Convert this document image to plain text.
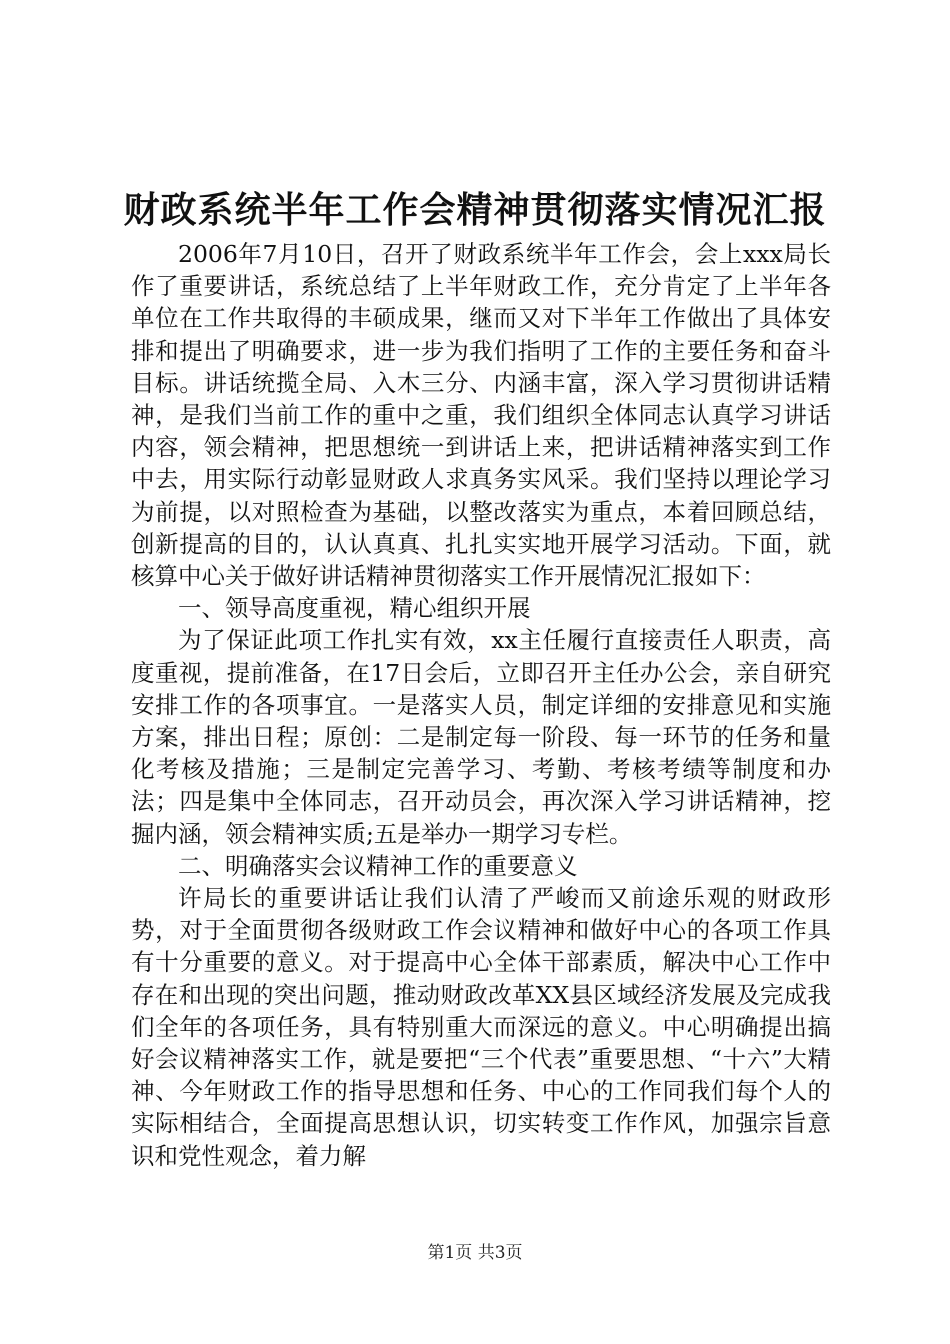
财政系统半年工作会精神贯彻落实情况汇报

2006年7月10日，召开了财政系统半年工作会，会上xxx局长作了重要讲话，系统总结了上半年财政工作，充分肯定了上半年各单位在工作共取得的丰硕成果，继而又对下半年工作做出了具体安排和提出了明确要求，进一步为我们指明了工作的主要任务和奋斗目标。讲话统揽全局、入木三分、内涵丰富，深入学习贯彻讲话精神，是我们当前工作的重中之重，我们组织全体同志认真学习讲话内容，领会精神，把思想统一到讲话上来，把讲话精神落实到工作中去，用实际行动彰显财政人求真务实风采。我们坚持以理论学习为前提，以对照检查为基础，以整改落实为重点，本着回顾总结，创新提高的目的，认认真真、扎扎实实地开展学习活动。下面，就核算中心关于做好讲话精神贯彻落实工作开展情况汇报如下：

一、领导高度重视，精心组织开展

为了保证此项工作扎实有效，xx主任履行直接责任人职责，高度重视，提前准备，在17日会后，立即召开主任办公会，亲自研究安排工作的各项事宜。一是落实人员，制定详细的安排意见和实施方案，排出日程；原创：二是制定每一阶段、每一环节的任务和量化考核及措施；三是制定完善学习、考勤、考核考绩等制度和办法；四是集中全体同志，召开动员会，再次深入学习讲话精神，挖掘内涵，领会精神实质;五是举办一期学习专栏。

二、明确落实会议精神工作的重要意义

许局长的重要讲话让我们认清了严峻而又前途乐观的财政形势，对于全面贯彻各级财政工作会议精神和做好中心的各项工作具有十分重要的意义。对于提高中心全体干部素质，解决中心工作中存在和出现的突出问题，推动财政改革XX县区域经济发展及完成我们全年的各项任务，具有特别重大而深远的意义。中心明确提出搞好会议精神落实工作，就是要把“三个代表”重要思想、“十六”大精神、今年财政工作的指导思想和任务、中心的工作同我们每个人的实际相结合，全面提高思想认识，切实转变工作作风，加强宗旨意识和党性观念，着力解

第1页 共3页
